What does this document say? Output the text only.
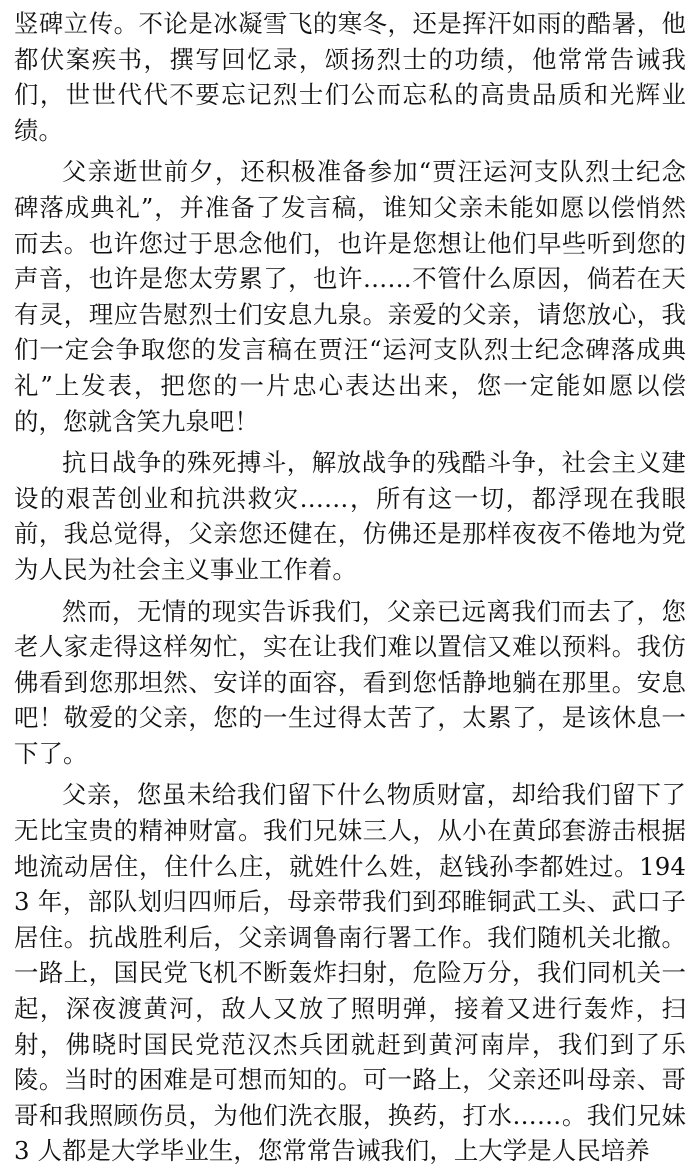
竖碑立传。不论是冰凝雪飞的寒冬，还是挥汗如雨的酷暑，他都伏案疾书，撰写回忆录，颂扬烈士的功绩，他常常告诫我们，世世代代不要忘记烈士们公而忘私的高贵品质和光辉业绩。

父亲逝世前夕，还积极准备参加“贾汪运河支队烈士纪念碑落成典礼”，并准备了发言稿，谁知父亲未能如愿以偿悄然而去。也许您过于思念他们，也许是您想让他们早些听到您的声音，也许是您太劳累了，也许……不管什么原因，倘若在天有灵，理应告慰烈士们安息九泉。亲爱的父亲，请您放心，我们一定会争取您的发言稿在贾汪“运河支队烈士纪念碑落成典礼”上发表，把您的一片忠心表达出来，您一定能如愿以偿的，您就含笑九泉吧！

抗日战争的殊死搏斗，解放战争的残酷斗争，社会主义建设的艰苦创业和抗洪救灾……，所有这一切，都浮现在我眼前，我总觉得，父亲您还健在，仿佛还是那样夜夜不倦地为党为人民为社会主义事业工作着。

然而，无情的现实告诉我们，父亲已远离我们而去了，您老人家走得这样匆忙，实在让我们难以置信又难以预料。我仿佛看到您那坦然、安详的面容，看到您恬静地躺在那里。安息吧！敬爱的父亲，您的一生过得太苦了，太累了，是该休息一下了。

父亲，您虽未给我们留下什么物质财富，却给我们留下了无比宝贵的精神财富。我们兄妹三人，从小在黄邱套游击根据地流动居住，住什么庄，就姓什么姓，赵钱孙李都姓过。1943 年，部队划归四师后，母亲带我们到邳睢铜武工头、武口子居住。抗战胜利后，父亲调鲁南行署工作。我们随机关北撤。一路上，国民党飞机不断轰炸扫射，危险万分，我们同机关一起，深夜渡黄河，敌人又放了照明弹，接着又进行轰炸，扫射，佛晓时国民党范汉杰兵团就赶到黄河南岸，我们到了乐陵。当时的困难是可想而知的。可一路上，父亲还叫母亲、哥哥和我照顾伤员，为他们洗衣服，换药，打水……。我们兄妹 3 人都是大学毕业生，您常常告诫我们，上大学是人民培养
